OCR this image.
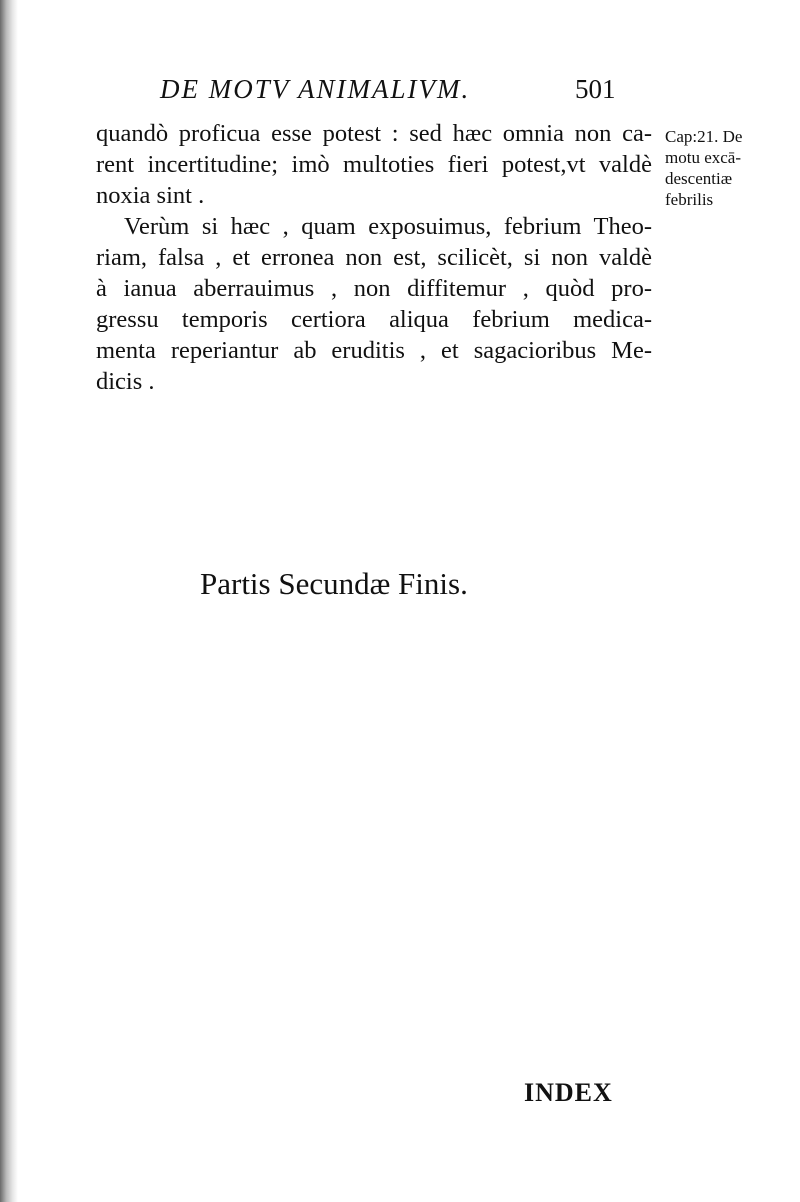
DE MOTV ANIMALIVM.	501
Cap:21. De
motu excā-
descentiæ
febrilis
quandò proficua esse potest : sed hæc omnia non ca-
rent incertitudine; imò multoties fieri potest,vt valdè
noxia sint .
Verùm si hæc , quam exposuimus, febrium Theo-
riam, falsa , et erronea non est, scilicèt, si non valdè
à ianua aberrauimus , non diffitemur , quòd pro-
gressu temporis certiora aliqua febrium medica-
menta reperiantur ab eruditis , et sagacioribus Me-
dicis .
Partis Secundæ Finis.
INDEX
